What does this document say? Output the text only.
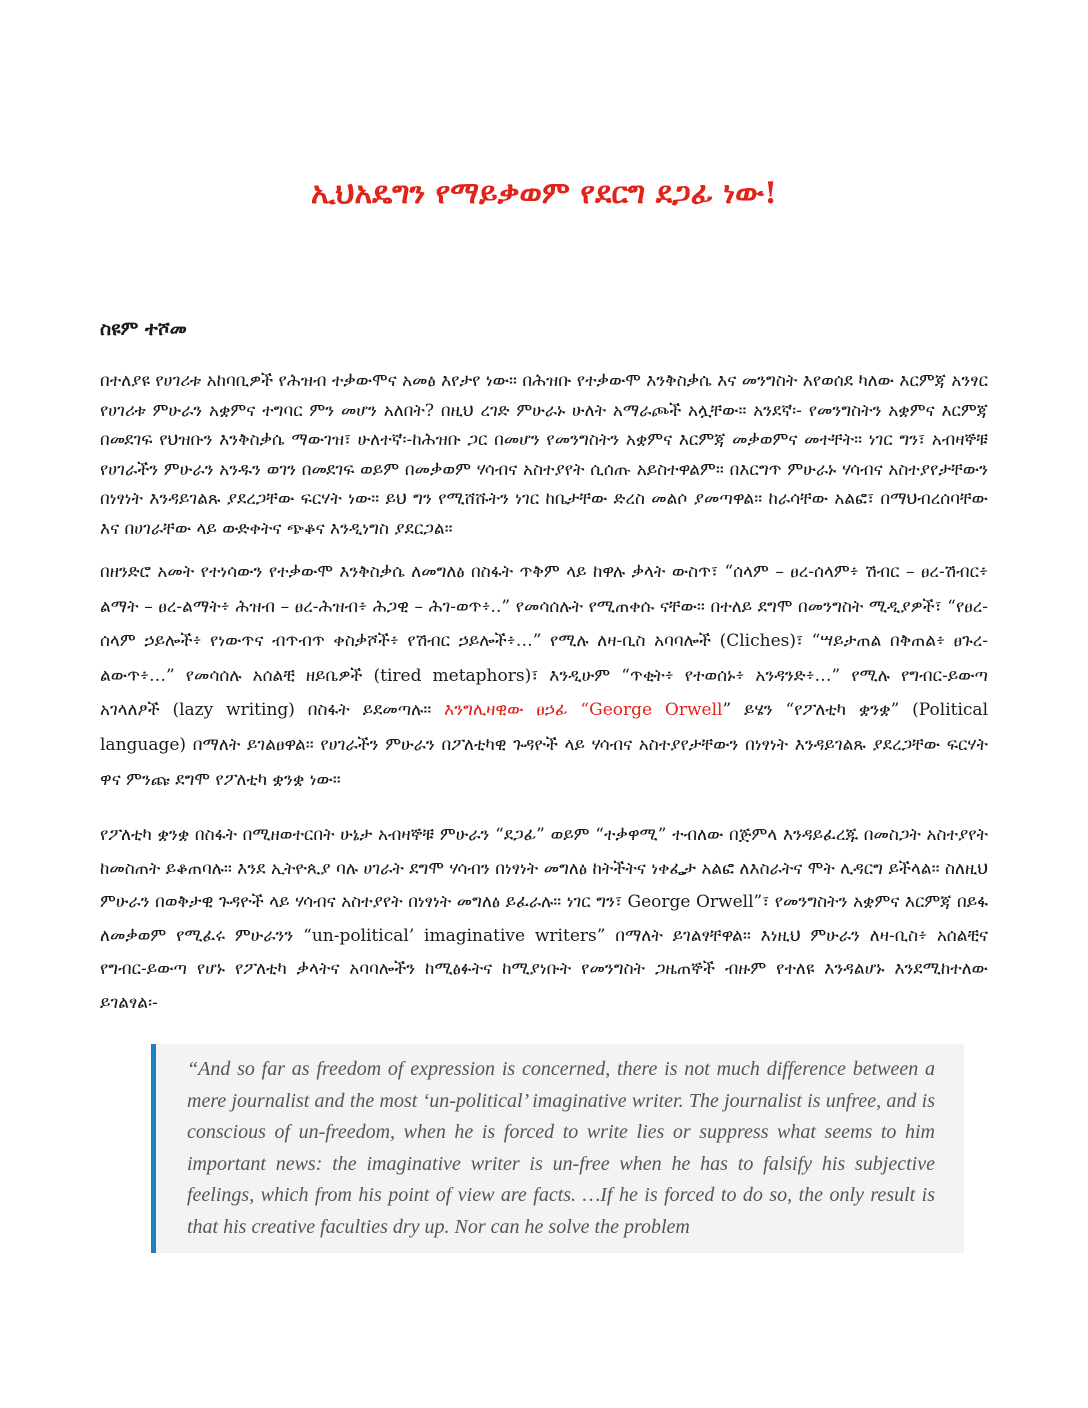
ኢህአዴግን የማይቃወም የደርግ ደጋፊ ነው!

ስዩም ተሾመ

በተለያዩ የሀገሪቱ አከባቢዎች የሕዝብ ተቃውሞና አመፅ እየታየ ነው። በሕዝቡ የተቃውሞ እንቅስቃሴ እና መንግስት እየወሰደ ካለው እርምጃ አንፃር የሀገሪቱ ምሁራን አቋምና ተግባር ምን መሆን አለበት? በዚህ ረገድ ምሁራኑ ሁለት አማራጮች አሏቸው። አንደኛ፡- የመንግስትን አቋምና እርምጃ በመደገፍ የህዝቡን እንቅስቃሴ ማውገዝ፣ ሁለተኛ፡-ከሕዝቡ ጋር በመሆን የመንግስትን አቋምና እርምጃ መቃወምና መተቸት። ነገር ግን፣ አብዛኞቹ የሀገራችን ምሁራን አንዱን ወገን በመደገፍ ወይም በመቃወም ሃሳብና አስተያየት ሲሰጡ አይስተዋልም። በእርግጥ ምሁራኑ ሃሳብና አስተያየታቸውን በነፃነት እንዳይገልጹ ያደረጋቸው ፍርሃት ነው። ይህ ግን የሚሸሹትን ነገር ከቤታቸው ድረስ መልሶ ያመጣዋል። ከራሳቸው አልፎ፣ በማህብረሰባቸው እና በሀገራቸው ላይ ውድቀትና ጭቆና እንዲነግስ ያደርጋል።

በዘንድሮ አመት የተነሳውን የተቃውሞ እንቅስቃሴ ለመግለፅ በስፋት ጥቅም ላይ ከዋሉ ቃላት ውስጥ፣ “ሰላም – ፀረ-ሰላም፥ ሽብር – ፀረ-ሽብር፥ ልማት – ፀረ-ልማት፥ ሕዝብ – ፀረ-ሕዝብ፥ ሕጋዊ – ሕገ-ወጥ፥..” የመሳሰሉት የሚጠቀሱ ናቸው። በተለይ ደግሞ በመንግስት ሚዲያዎች፣ “የፀረ-ሰላም ኃይሎች፥ የነውጥና ብጥብጥ ቀስቃሾች፥ የሽብር ኃይሎች፥…” የሚሉ ለዛ-ቢስ አባባሎች (Cliches)፣ “ሣይታጠል በቅጠል፥ ፀጉረ-ልውጥ፥…” የመሳሰሉ አሰልቺ ዘይቤዎች (tired metaphors)፣ እንዲሁም “ጥቂት፥ የተወሰኑ፥ አንዳንድ፥…” የሚሉ የግብር-ይውጣ አገላለፆች (lazy writing) በስፋት ይደመጣሉ። እንግሊዛዊው ፀኃፊ “George Orwell” ይሄን “የፖለቲካ ቋንቋ” (Political language) በማለት ይገልፀዋል። የሀገራችን ምሁራን በፖለቲካዊ ጉዳዮች ላይ ሃሳብና አስተያየታቸውን በነፃነት እንዳይገልጹ ያደረጋቸው ፍርሃት ዋና ምንጩ ደግሞ የፖለቲካ ቋንቋ ነው።

የፖለቲካ ቋንቋ በስፋት በሚዘወተርበት ሁኔታ አብዛኞቹ ምሁራን “ደጋፊ” ወይም “ተቃዋሚ” ተብለው በጅምላ እንዳይፈረጁ በመስጋት አስተያየት ከመስጠት ይቆጠባሉ። እንደ ኢትዮጲያ ባሉ ሀገራት ደግሞ ሃሳብን በነፃነት መግለፅ ከትችትና ነቀፌታ አልፎ ለእስራትና ሞት ሊዳርግ ይችላል። ስለዚህ ምሁራን በወቅታዊ ጉዳዮች ላይ ሃሳብና አስተያየት በነፃነት መግለፅ ይፈራሉ። ነገር ግን፣ George Orwell”፣ የመንግስትን አቋምና እርምጃ በይፋ ለመቃወም የሚፈሩ ምሁራንን “un-political’ imaginative writers” በማለት ይገልፃቸዋል። እነዚህ ምሁራን ለዛ-ቢስ፥ አሰልቺና የግብር-ይውጣ የሆኑ የፖለቲካ ቃላትና አባባሎችን ከሚፅፉትና ከሚያነቡት የመንግስት ጋዜጠኞች ብዙም የተለዩ እንዳልሆኑ እንደሚከተለው ይገልፃል፡-

“And so far as freedom of expression is concerned, there is not much difference between a mere journalist and the most ‘un-political’ imaginative writer. The journalist is unfree, and is conscious of un-freedom, when he is forced to write lies or suppress what seems to him important news: the imaginative writer is un-free when he has to falsify his subjective feelings, which from his point of view are facts. …If he is forced to do so, the only result is that his creative faculties dry up. Nor can he solve the problem
